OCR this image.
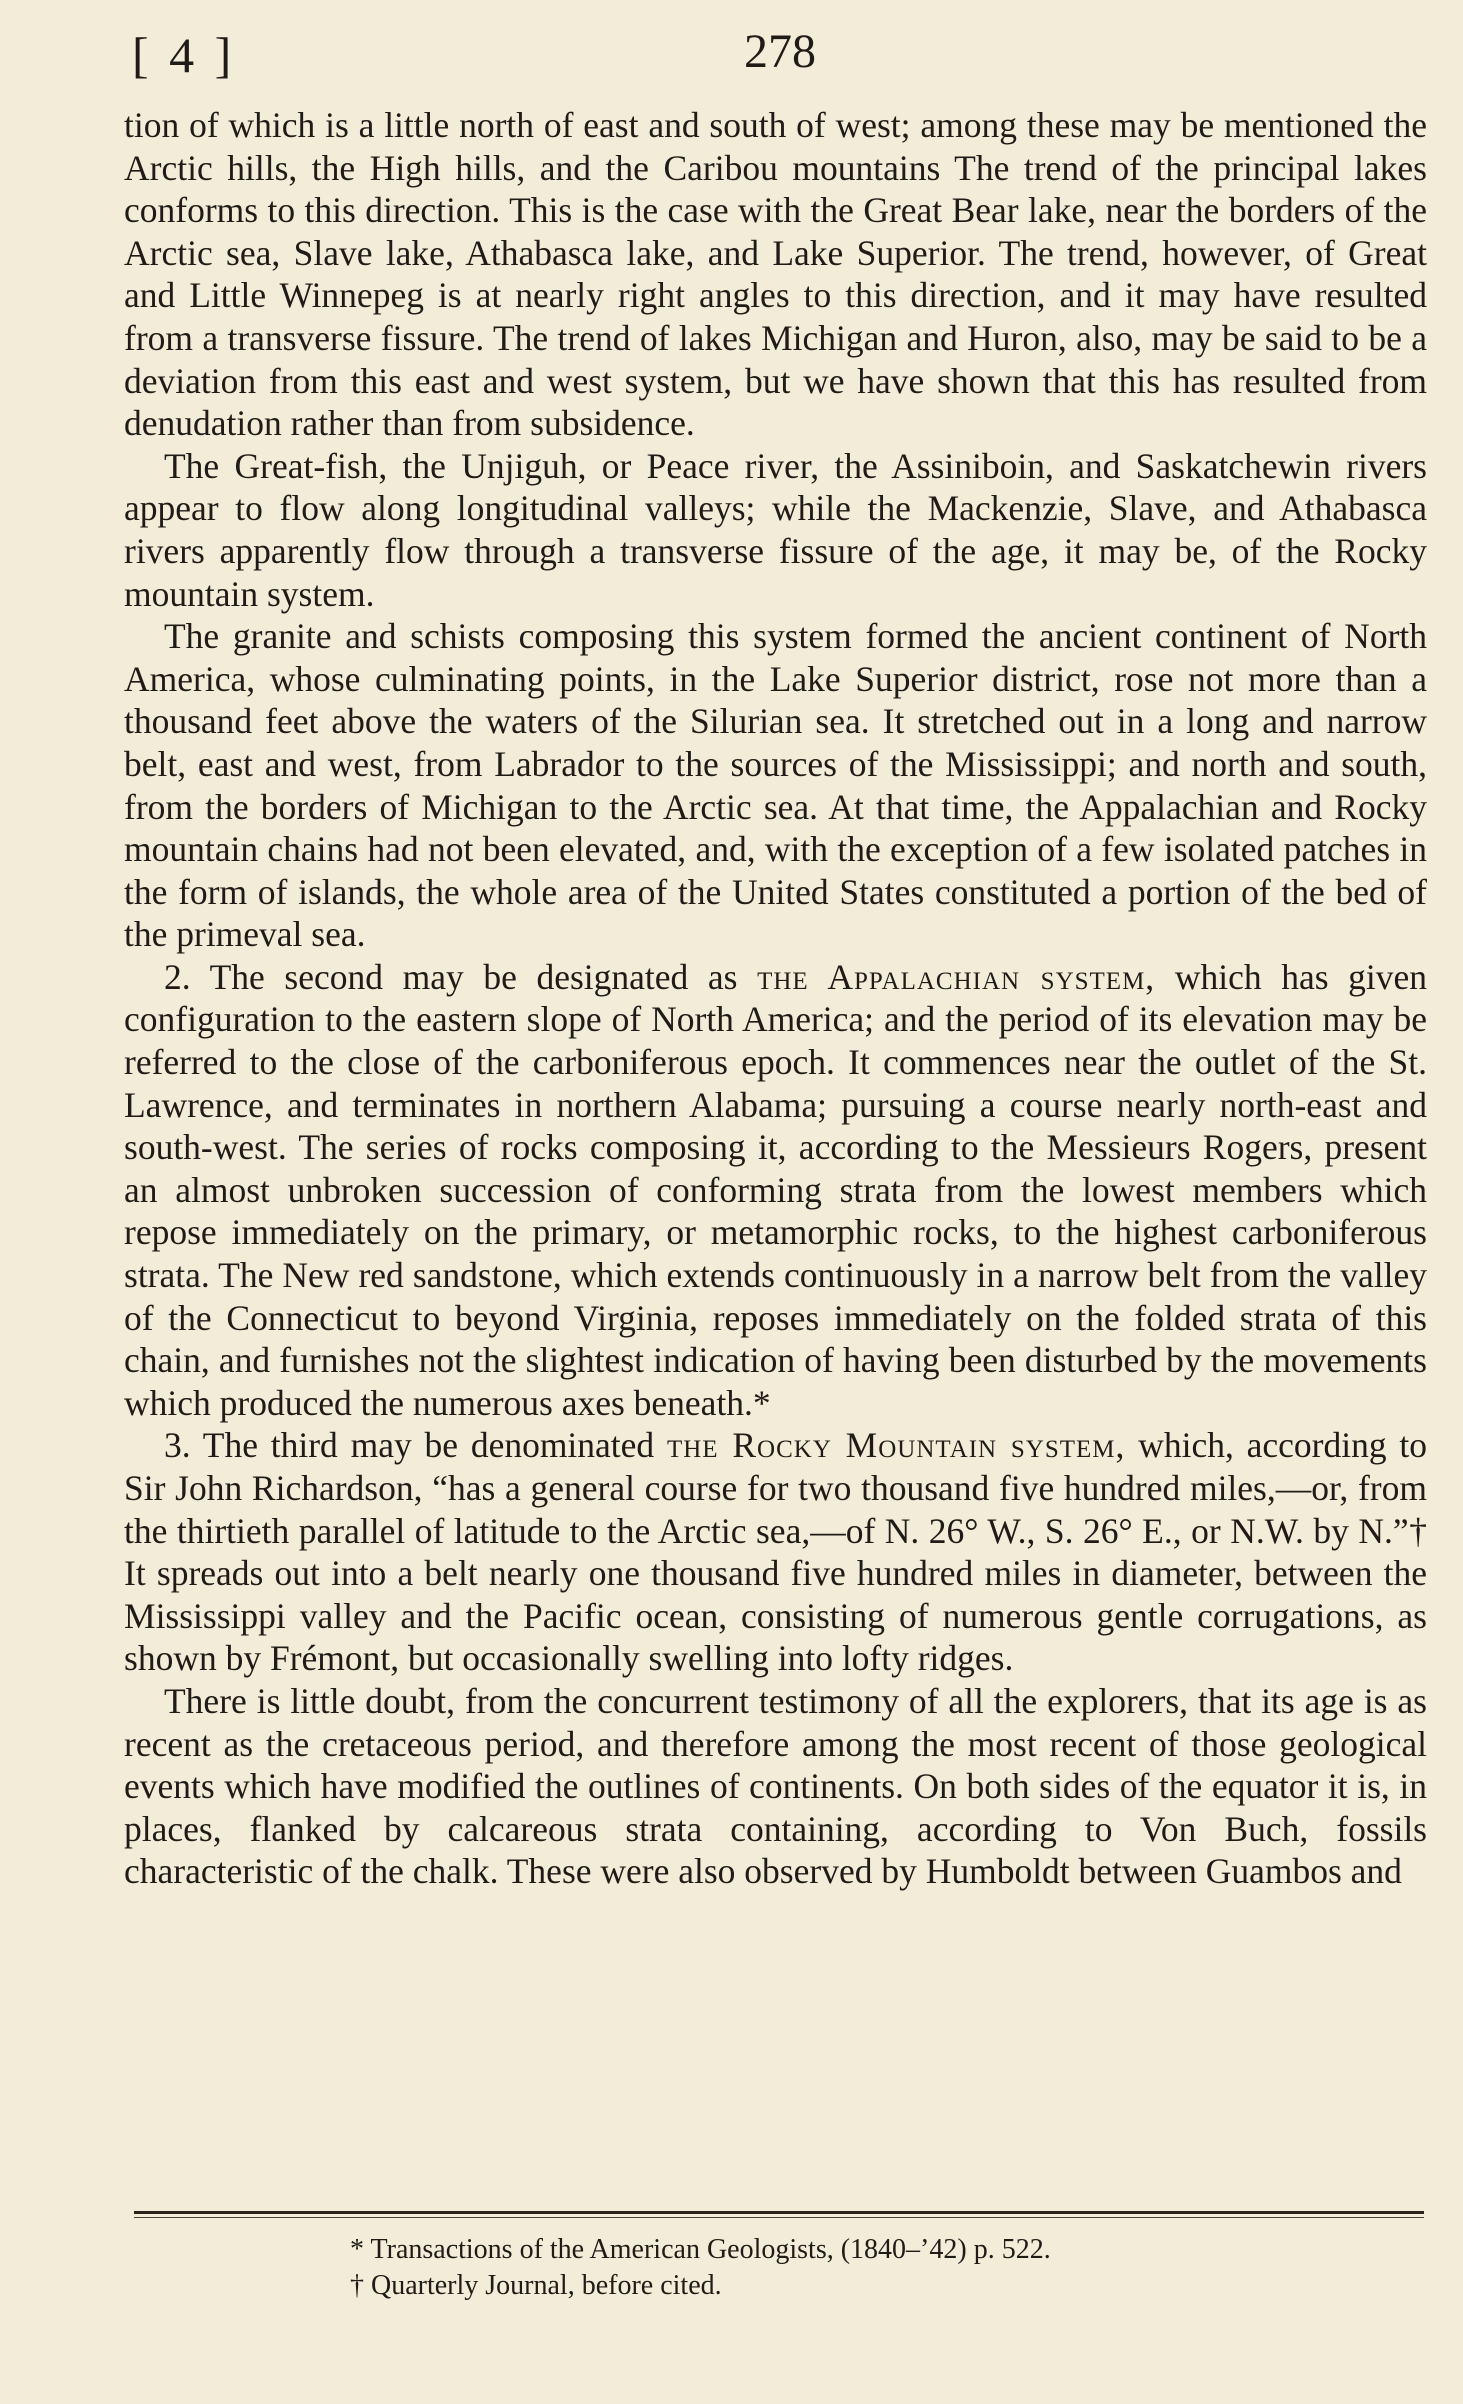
[ 4 ]	278

tion of which is a little north of east and south of west; among these may be mentioned the Arctic hills, the High hills, and the Caribou mountains The trend of the principal lakes conforms to this direction. This is the case with the Great Bear lake, near the borders of the Arctic sea, Slave lake, Athabasca lake, and Lake Superior. The trend, however, of Great and Little Winnepeg is at nearly right angles to this direction, and it may have resulted from a transverse fissure. The trend of lakes Michigan and Huron, also, may be said to be a deviation from this east and west system, but we have shown that this has resulted from denudation rather than from subsidence.

The Great-fish, the Unjiguh, or Peace river, the Assiniboin, and Saskatchewin rivers appear to flow along longitudinal valleys; while the Mackenzie, Slave, and Athabasca rivers apparently flow through a transverse fissure of the age, it may be, of the Rocky mountain system.

The granite and schists composing this system formed the ancient continent of North America, whose culminating points, in the Lake Superior district, rose not more than a thousand feet above the waters of the Silurian sea. It stretched out in a long and narrow belt, east and west, from Labrador to the sources of the Mississippi; and north and south, from the borders of Michigan to the Arctic sea. At that time, the Appalachian and Rocky mountain chains had not been elevated, and, with the exception of a few isolated patches in the form of islands, the whole area of the United States constituted a portion of the bed of the primeval sea.

2. The second may be designated as the Appalachian system, which has given configuration to the eastern slope of North America; and the period of its elevation may be referred to the close of the carboniferous epoch. It commences near the outlet of the St. Lawrence, and terminates in northern Alabama; pursuing a course nearly north-east and south-west. The series of rocks composing it, according to the Messieurs Rogers, present an almost unbroken succession of conforming strata from the lowest members which repose immediately on the primary, or metamorphic rocks, to the highest carboniferous strata. The New red sandstone, which extends continuously in a narrow belt from the valley of the Connecticut to beyond Virginia, reposes immediately on the folded strata of this chain, and furnishes not the slightest indication of having been disturbed by the movements which produced the numerous axes beneath.*

3. The third may be denominated the Rocky Mountain system, which, according to Sir John Richardson, “has a general course for two thousand five hundred miles,—or, from the thirtieth parallel of latitude to the Arctic sea,—of N. 26° W., S. 26° E., or N.W. by N.”† It spreads out into a belt nearly one thousand five hundred miles in diameter, between the Mississippi valley and the Pacific ocean, consisting of numerous gentle corrugations, as shown by Frémont, but occasionally swelling into lofty ridges.

There is little doubt, from the concurrent testimony of all the explorers, that its age is as recent as the cretaceous period, and therefore among the most recent of those geological events which have modified the outlines of continents. On both sides of the equator it is, in places, flanked by calcareous strata containing, according to Von Buch, fossils characteristic of the chalk. These were also observed by Humboldt between Guambos and

* Transactions of the American Geologists, (1840–’42) p. 522.
† Quarterly Journal, before cited.
